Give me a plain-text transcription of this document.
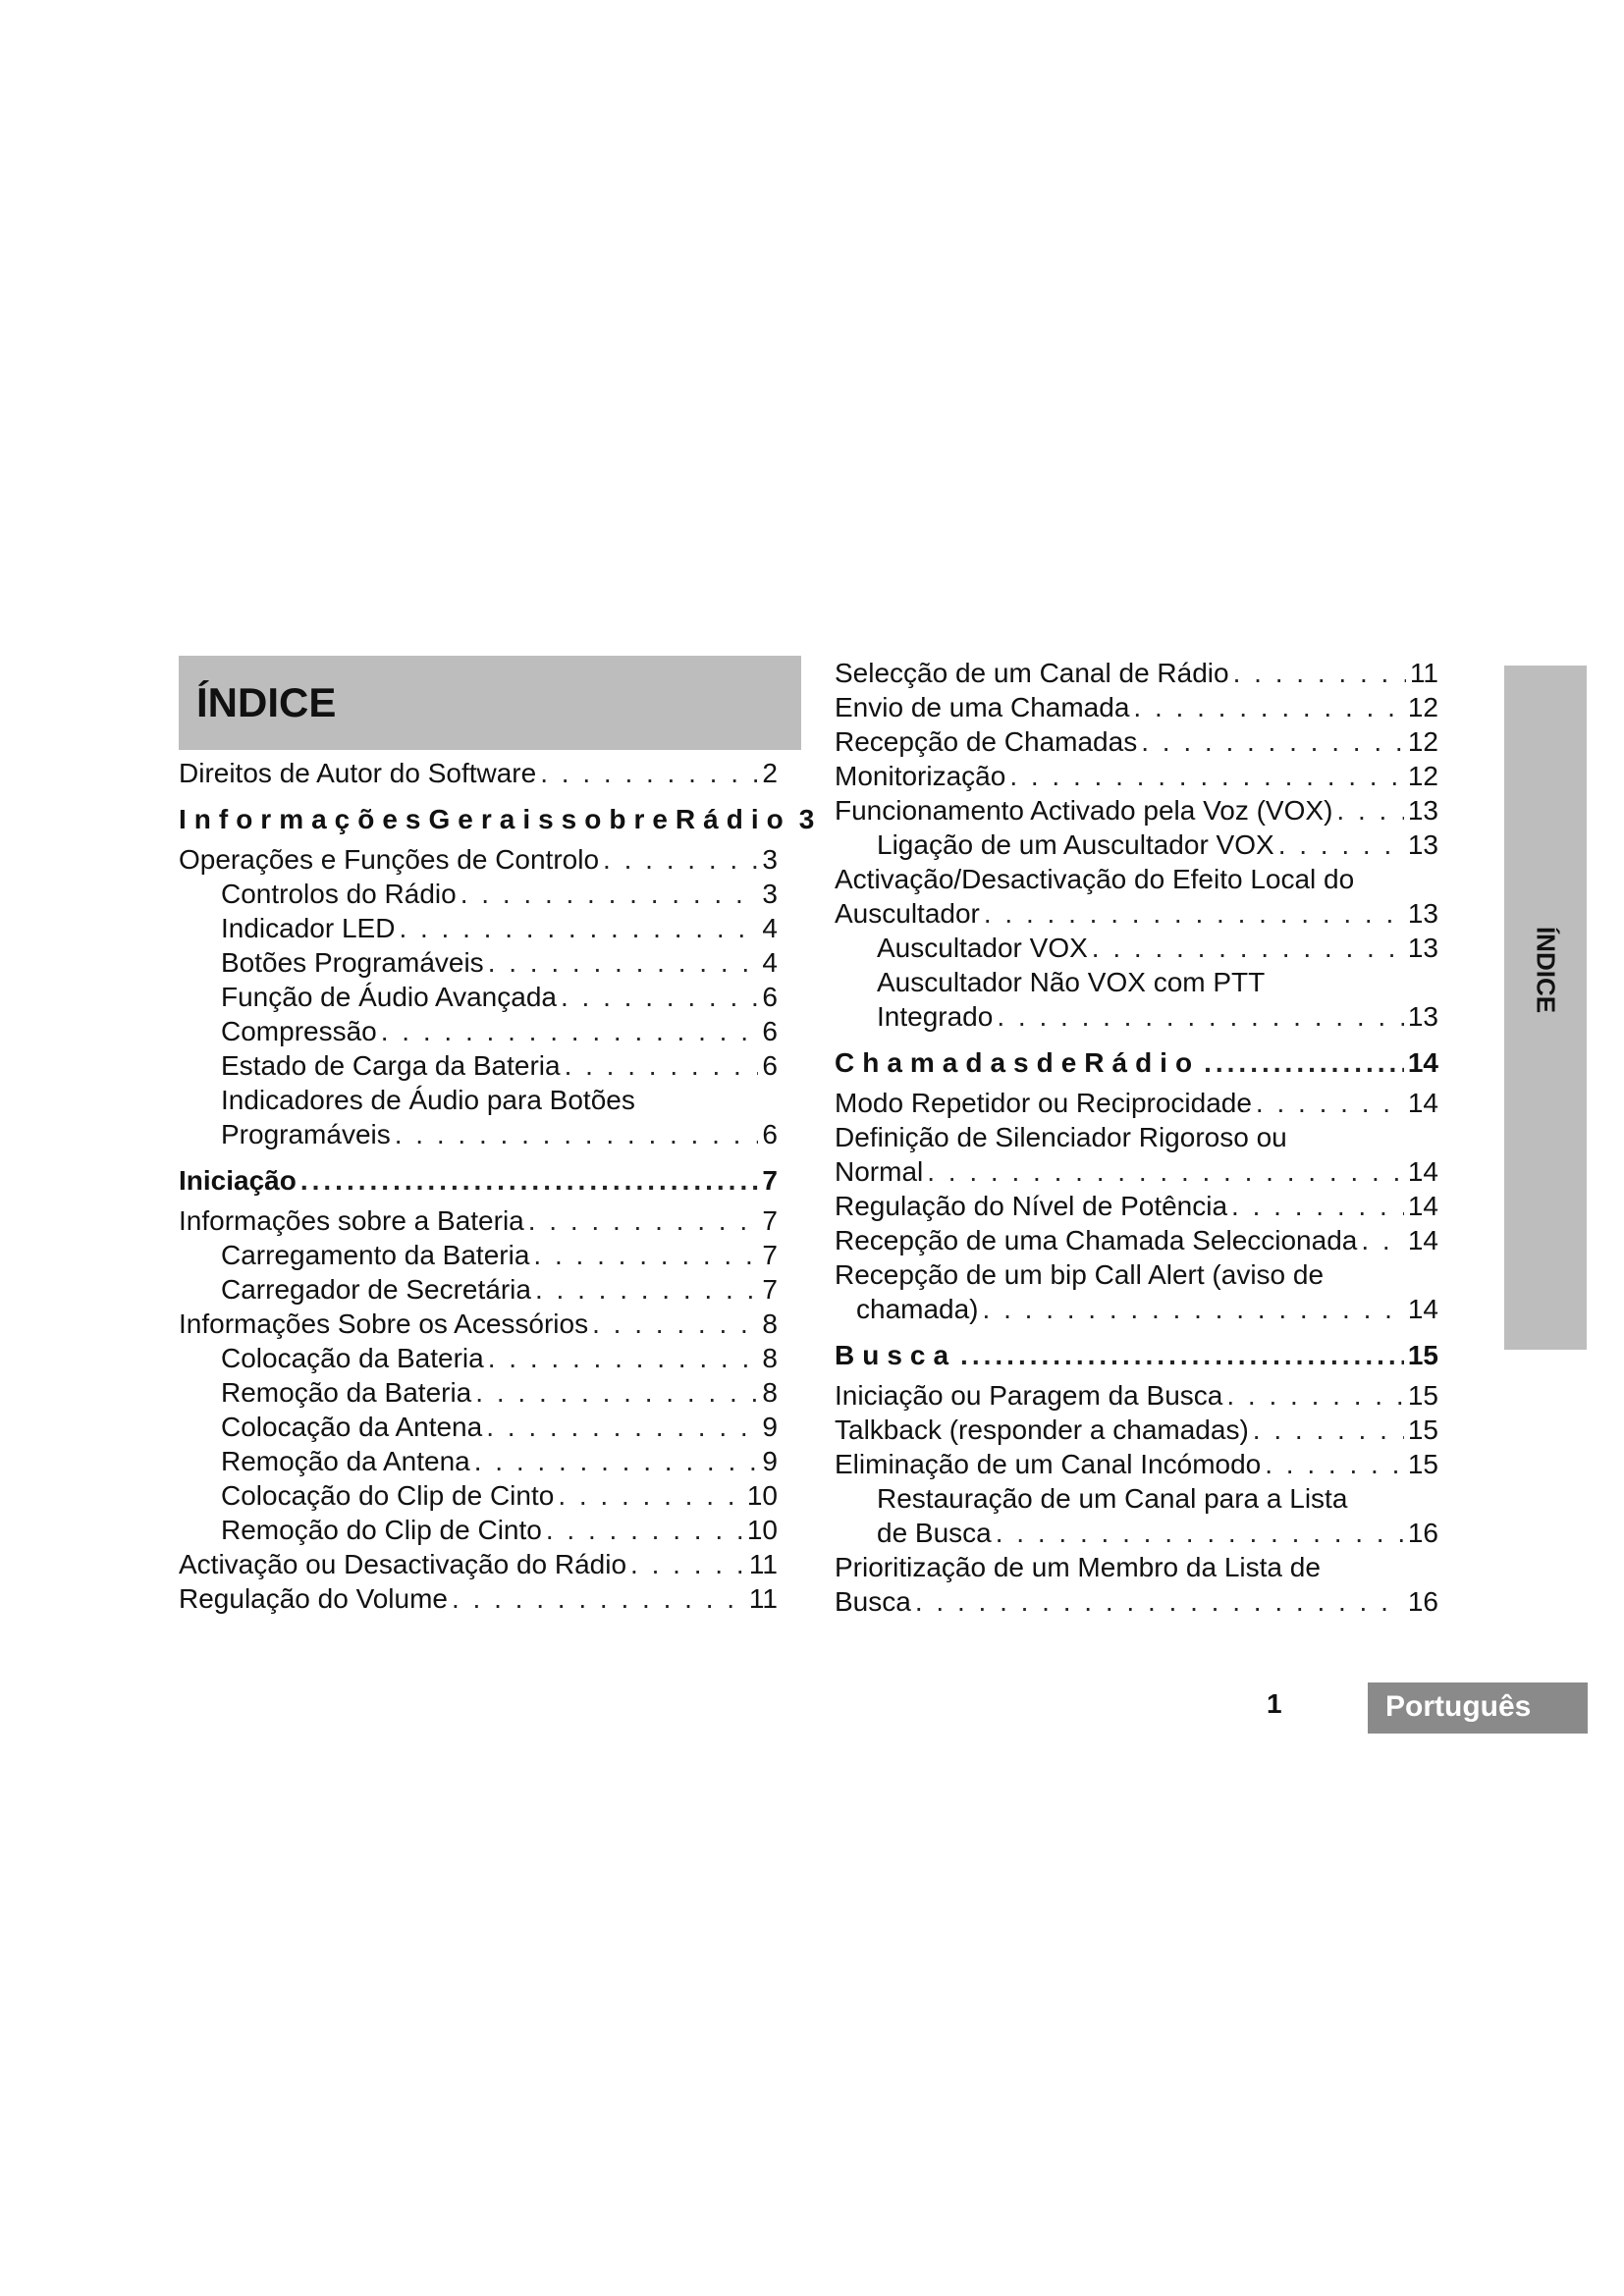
ÍNDICE
Direitos de Autor do Software . . .	2
InformaçõesGeraissobreRádio 3
Operações e Funções de Controlo . . .	3
Controlos do Rádio . . .	3
Indicador LED . . .	4
Botões Programáveis . . .	4
Função de Áudio Avançada . . .	6
Compressão . . .	6
Estado de Carga da Bateria . . .	6
Indicadores de Áudio para Botões
Programáveis . . .	6
Iniciação .....	7
Informações sobre a Bateria . . .	7
Carregamento da Bateria . . .	7
Carregador de Secretária . . .	7
Informações Sobre os Acessórios . . .	8
Colocação da Bateria . . .	8
Remoção da Bateria . . .	8
Colocação da Antena . . .	9
Remoção da Antena . . .	9
Colocação do Clip de Cinto . . .	10
Remoção do Clip de Cinto . . .	10
Activação ou Desactivação do Rádio . . .	11
Regulação do Volume . . .	11
Selecção de um Canal de Rádio . . .	11
Envio de uma Chamada . . .	12
Recepção de Chamadas . . .	12
Monitorização . . .	12
Funcionamento Activado pela Voz (VOX) . . .	13
Ligação de um Auscultador VOX . . .	13
Activação/Desactivação do Efeito Local do
Auscultador . . .	13
Auscultador VOX . . .	13
Auscultador Não VOX com PTT
Integrado . . .	13
ChamadasdeRádio .....	14
Modo Repetidor ou Reciprocidade . . .	14
Definição de Silenciador Rigoroso ou
Normal . . .	14
Regulação do Nível de Potência . . .	14
Recepção de uma Chamada Seleccionada . . . 14
Recepção de um bip Call Alert (aviso de
chamada) . . .	14
Busca .....	15
Iniciação ou Paragem da Busca . . .	15
Talkback (responder a chamadas) . . .	15
Eliminação de um Canal Incómodo . . .	15
Restauração de um Canal para a Lista
de Busca . . .	16
Prioritização de um Membro da Lista de
Busca . . .	16
ÍNDICE
1	Português
